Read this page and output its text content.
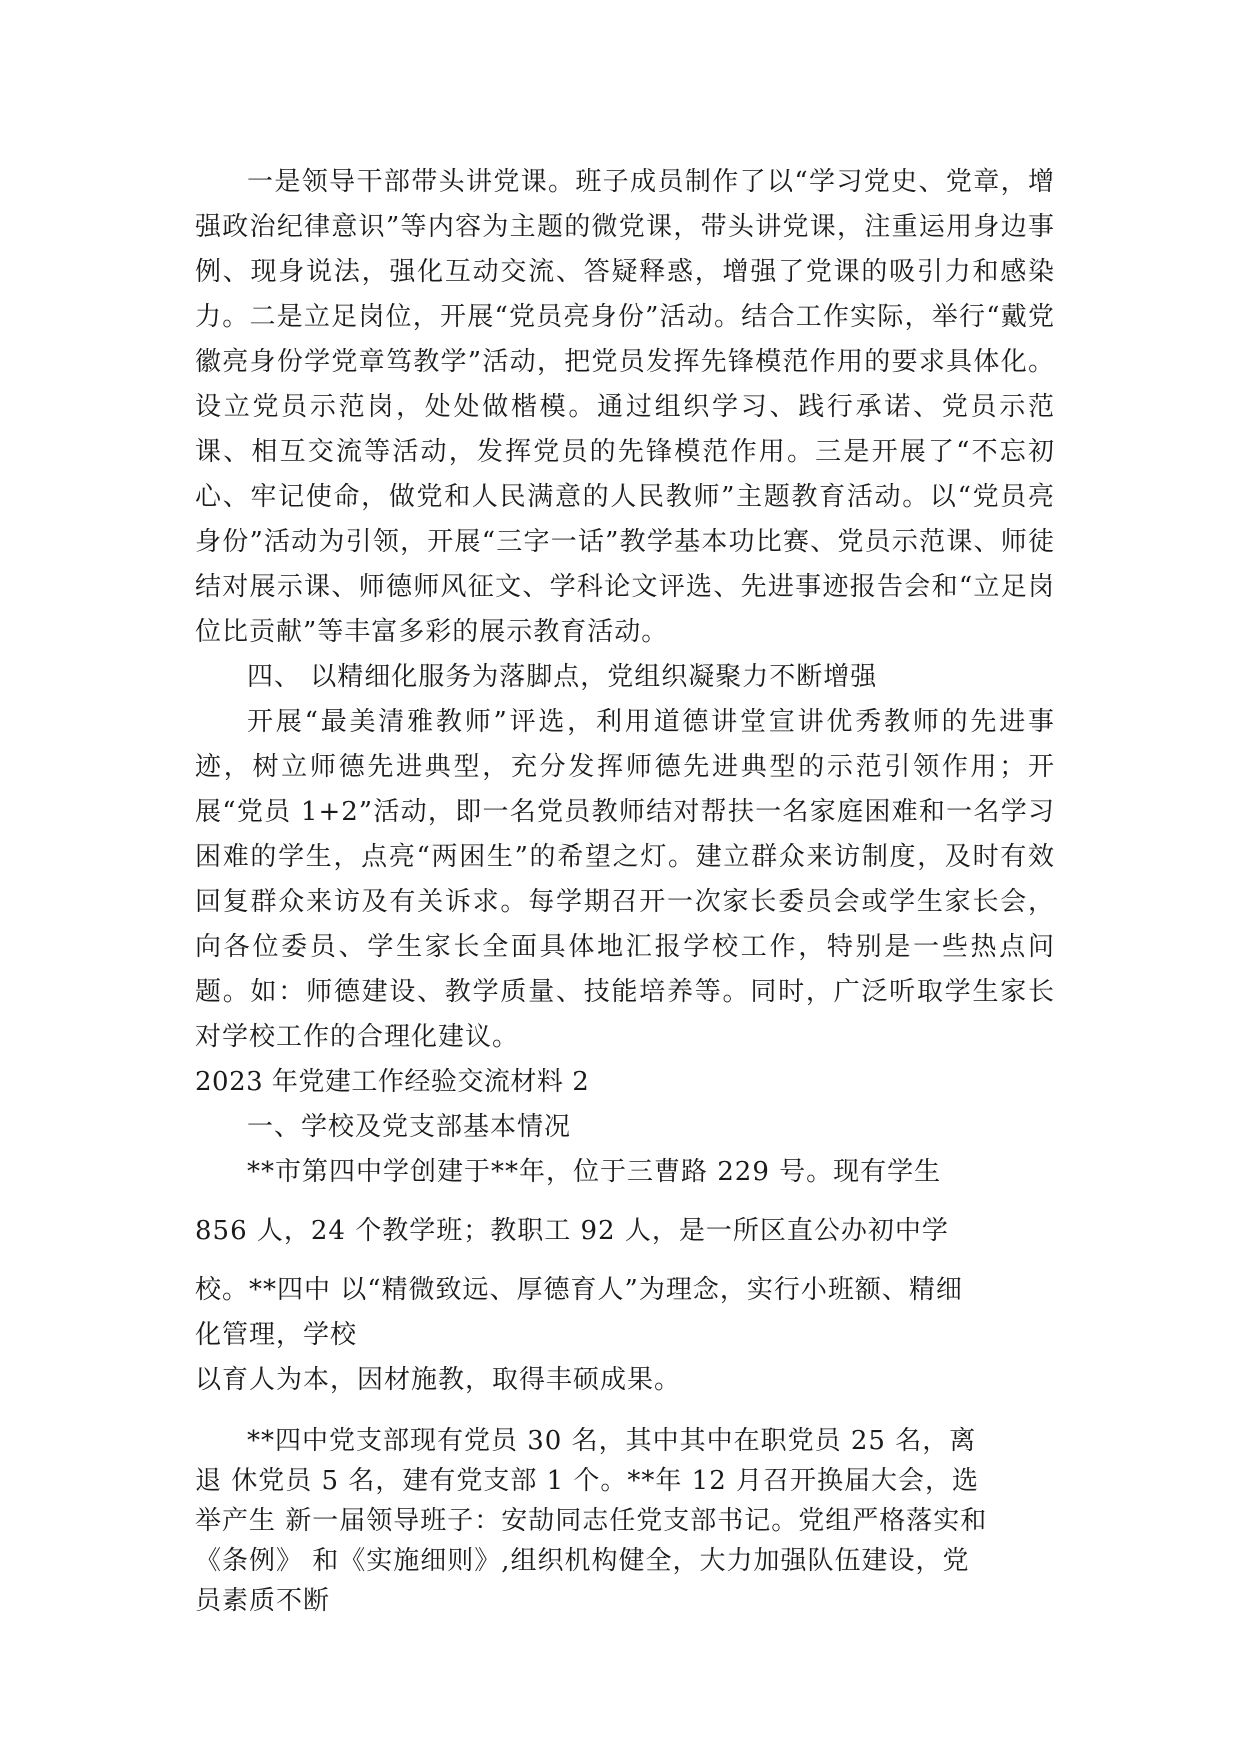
一是领导干部带头讲党课。班子成员制作了以“学习党史、党章，增强政治纪律意识”等内容为主题的微党课，带头讲党课，注重运用身边事例、现身说法，强化互动交流、答疑释惑，增强了党课的吸引力和感染力。二是立足岗位，开展“党员亮身份”活动。结合工作实际，举行“戴党徽亮身份学党章笃教学”活动，把党员发挥先锋模范作用的要求具体化。设立党员示范岗，处处做楷模。通过组织学习、践行承诺、党员示范课、相互交流等活动，发挥党员的先锋模范作用。三是开展了“不忘初心、牢记使命，做党和人民满意的人民教师”主题教育活动。以“党员亮身份”活动为引领，开展“三字一话”教学基本功比赛、党员示范课、师徒结对展示课、师德师风征文、学科论文评选、先进事迹报告会和“立足岗位比贡献”等丰富多彩的展示教育活动。

四、 以精细化服务为落脚点，党组织凝聚力不断增强

开展“最美清雅教师”评选，利用道德讲堂宣讲优秀教师的先进事迹，树立师德先进典型，充分发挥师德先进典型的示范引领作用；开展“党员 1+2”活动，即一名党员教师结对帮扶一名家庭困难和一名学习困难的学生，点亮“两困生”的希望之灯。建立群众来访制度，及时有效回复群众来访及有关诉求。每学期召开一次家长委员会或学生家长会，向各位委员、学生家长全面具体地汇报学校工作，特别是一些热点问题。如：师德建设、教学质量、技能培养等。同时，广泛听取学生家长对学校工作的合理化建议。

2023 年党建工作经验交流材料 2

一、学校及党支部基本情况

**市第四中学创建于**年，位于三曹路 229 号。现有学生

856 人，24 个教学班；教职工 92 人，是一所区直公办初中学

校。**四中 以“精微致远、厚德育人”为理念，实行小班额、精细

化管理，学校

以育人为本，因材施教，取得丰硕成果。

**四中党支部现有党员 30 名，其中其中在职党员 25 名，离

退 休党员 5 名，建有党支部 1 个。**年 12 月召开换届大会，选

举产生 新一届领导班子：安劼同志任党支部书记。党组严格落实和

《条例》 和《实施细则》,组织机构健全，大力加强队伍建设，党

员素质不断
